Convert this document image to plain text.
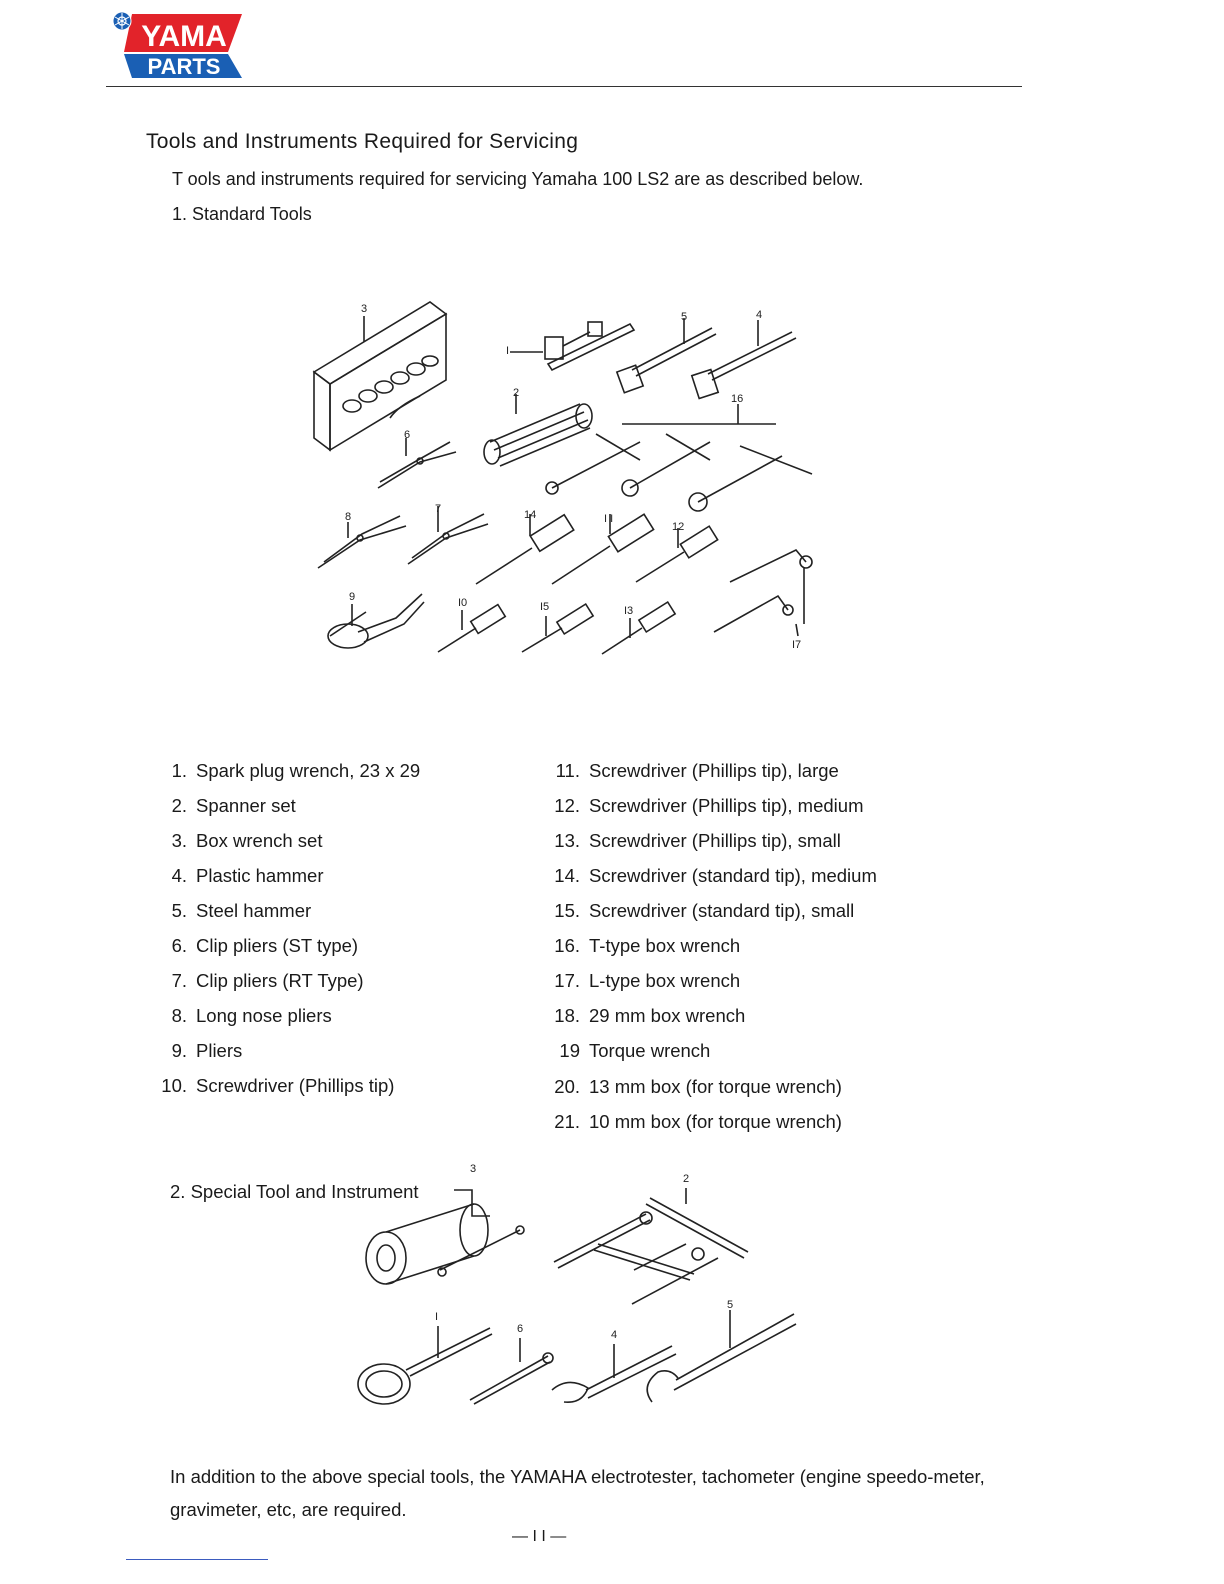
YAMA
PARTS
Tools and Instruments Required for Servicing
T ools and instruments required for servicing Yamaha 100 LS2 are as described below.
1. Standard Tools
3
I
5	4
2	16
6
8
7	14	I I
12
9	I0	I5	I3
I7
1. Spark plug wrench, 23 x 29
2. Spanner set
3. Box wrench set
4. Plastic hammer
5. Steel hammer
6. Clip pliers (ST type)
7. Clip pliers (RT Type)
8. Long nose pliers
9. Pliers
10. Screwdriver (Phillips tip)
11. Screwdriver (Phillips tip), large
12. Screwdriver (Phillips tip), medium
13. Screwdriver (Phillips tip), small
14. Screwdriver (standard tip), medium
15. Screwdriver (standard tip), small
16. T-type box wrench
17. L-type box wrench
18. 29 mm box wrench
19 Torque wrench
20. 13 mm box (for torque wrench)
21. 10 mm box (for torque wrench)
2. Special Tool and Instrument
3
2
I
6	4
5
In addition to the above special tools, the YAMAHA electrotester, tachometer (engine speedo-meter, gravimeter, etc, are required.
— I I —
